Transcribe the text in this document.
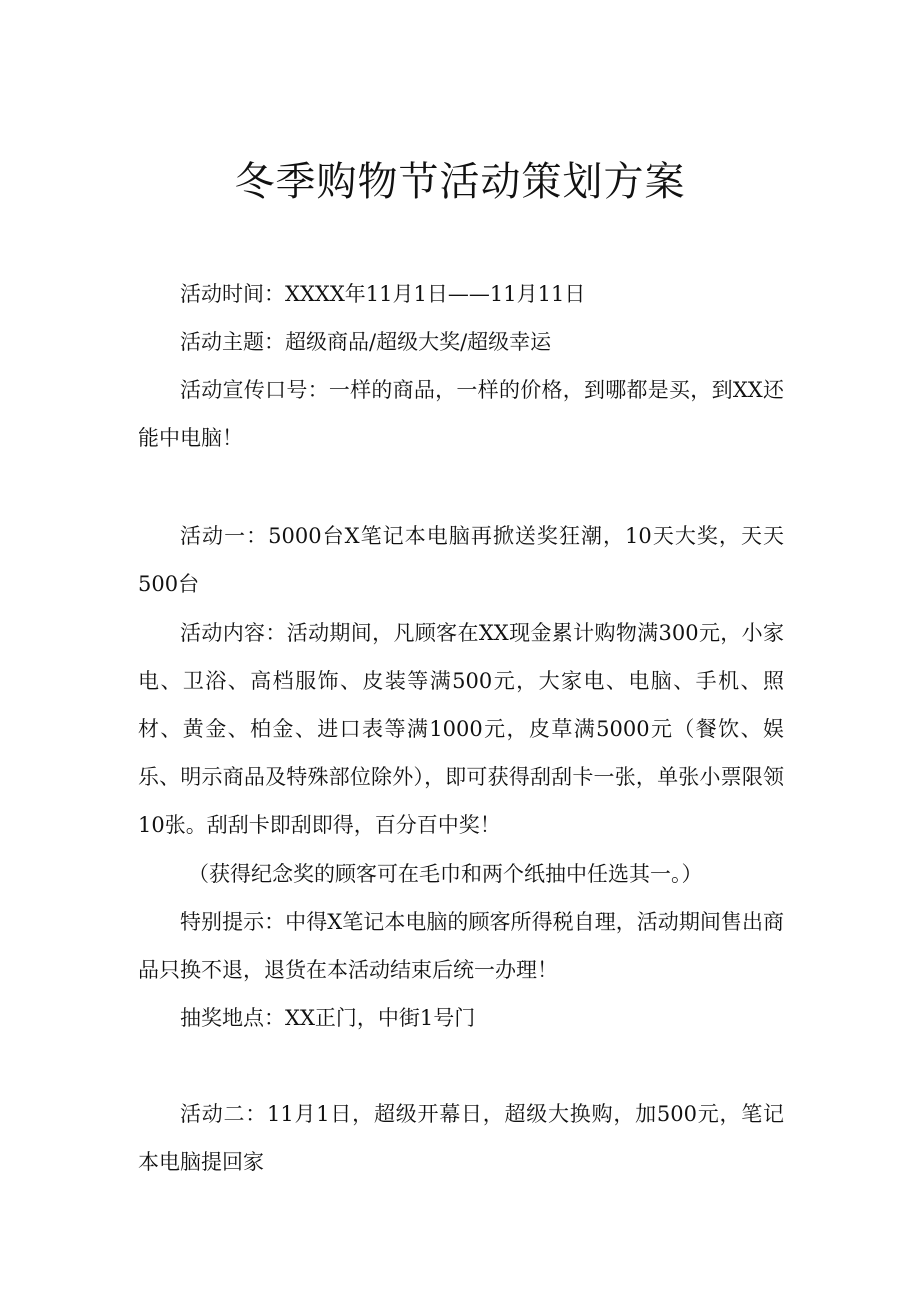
冬季购物节活动策划方案

活动时间：XXXX年11月1日——11月11日

活动主题：超级商品/超级大奖/超级幸运

活动宣传口号：一样的商品，一样的价格，到哪都是买，到XX还能中电脑！

活动一：5000台X笔记本电脑再掀送奖狂潮，10天大奖，天天500台

活动内容：活动期间，凡顾客在XX现金累计购物满300元，小家电、卫浴、高档服饰、皮装等满500元，大家电、电脑、手机、照材、黄金、柏金、进口表等满1000元，皮草满5000元（餐饮、娱乐、明示商品及特殊部位除外），即可获得刮刮卡一张，单张小票限领10张。刮刮卡即刮即得，百分百中奖！

（获得纪念奖的顾客可在毛巾和两个纸抽中任选其一。）

特别提示：中得X笔记本电脑的顾客所得税自理，活动期间售出商品只换不退，退货在本活动结束后统一办理！

抽奖地点：XX正门，中街1号门

活动二：11月1日，超级开幕日，超级大换购，加500元，笔记本电脑提回家
